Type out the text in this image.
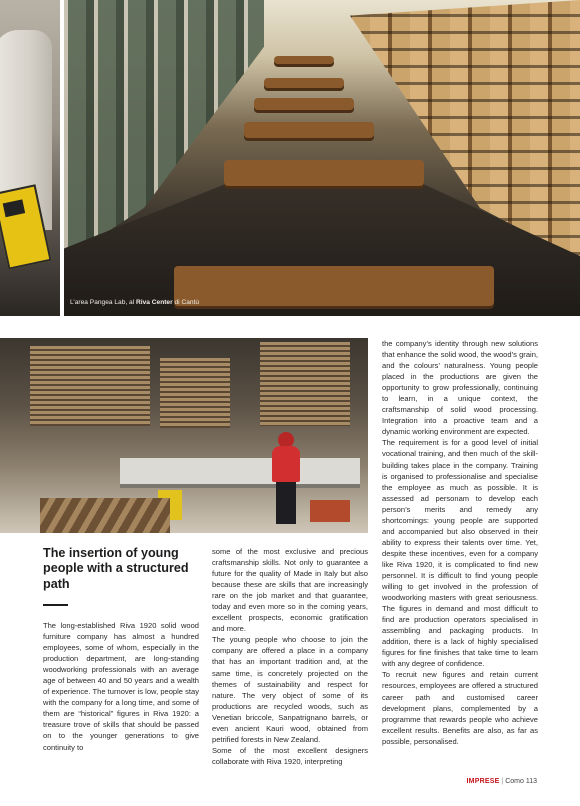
L’area Pangea Lab, al Riva Center di Cantù
The insertion of young people with a structured path

The long-established Riva 1920 solid wood furniture company has almost a hundred employees, some of whom, especially in the production department, are long-standing woodworking professionals with an average age of between 40 and 50 years and a wealth of experience. The turnover is low, people stay with the company for a long time, and some of them are “historical” figures in Riva 1920: a treasure trove of skills that should be passed on to the younger generations to give continuity to

some of the most exclusive and precious craftsmanship skills. Not only to guarantee a future for the quality of Made in Italy but also because these are skills that are increasingly rare on the job market and that guarantee, today and even more so in the coming years, excellent prospects, economic gratification and more.

The young people who choose to join the company are offered a place in a company that has an important tradition and, at the same time, is concretely projected on the themes of sustainability and respect for nature. The very object of some of its productions are recycled woods, such as Venetian briccole, Sanpatrignano barrels, or even ancient Kauri wood, obtained from petrified forests in New Zealand.

Some of the most excellent designers collaborate with Riva 1920, interpreting

the company’s identity through new solutions that enhance the solid wood, the wood’s grain, and the colours’ naturalness. Young people placed in the productions are given the opportunity to grow professionally, continuing to learn, in a unique context, the craftsmanship of solid wood processing. Integration into a proactive team and a dynamic working environment are expected.

The requirement is for a good level of initial vocational training, and then much of the skill-building takes place in the company. Training is organised to professionalise and specialise the employee as much as possible. It is assessed ad personam to develop each person’s merits and remedy any shortcomings: young people are supported and accompanied but also observed in their ability to express their talents over time. Yet, despite these incentives, even for a company like Riva 1920, it is complicated to find new personnel. It is difficult to find young people willing to get involved in the profession of woodworking masters with great seriousness. The figures in demand and most difficult to find are production operators specialised in assembling and packaging products. In addition, there is a lack of highly specialised figures for fine finishes that take time to learn with any degree of confidence.

To recruit new figures and retain current resources, employees are offered a structured career path and customised career development plans, complemented by a programme that rewards people who achieve excellent results. Benefits are also, as far as possible, personalised.

IMPRESE | Como 113
